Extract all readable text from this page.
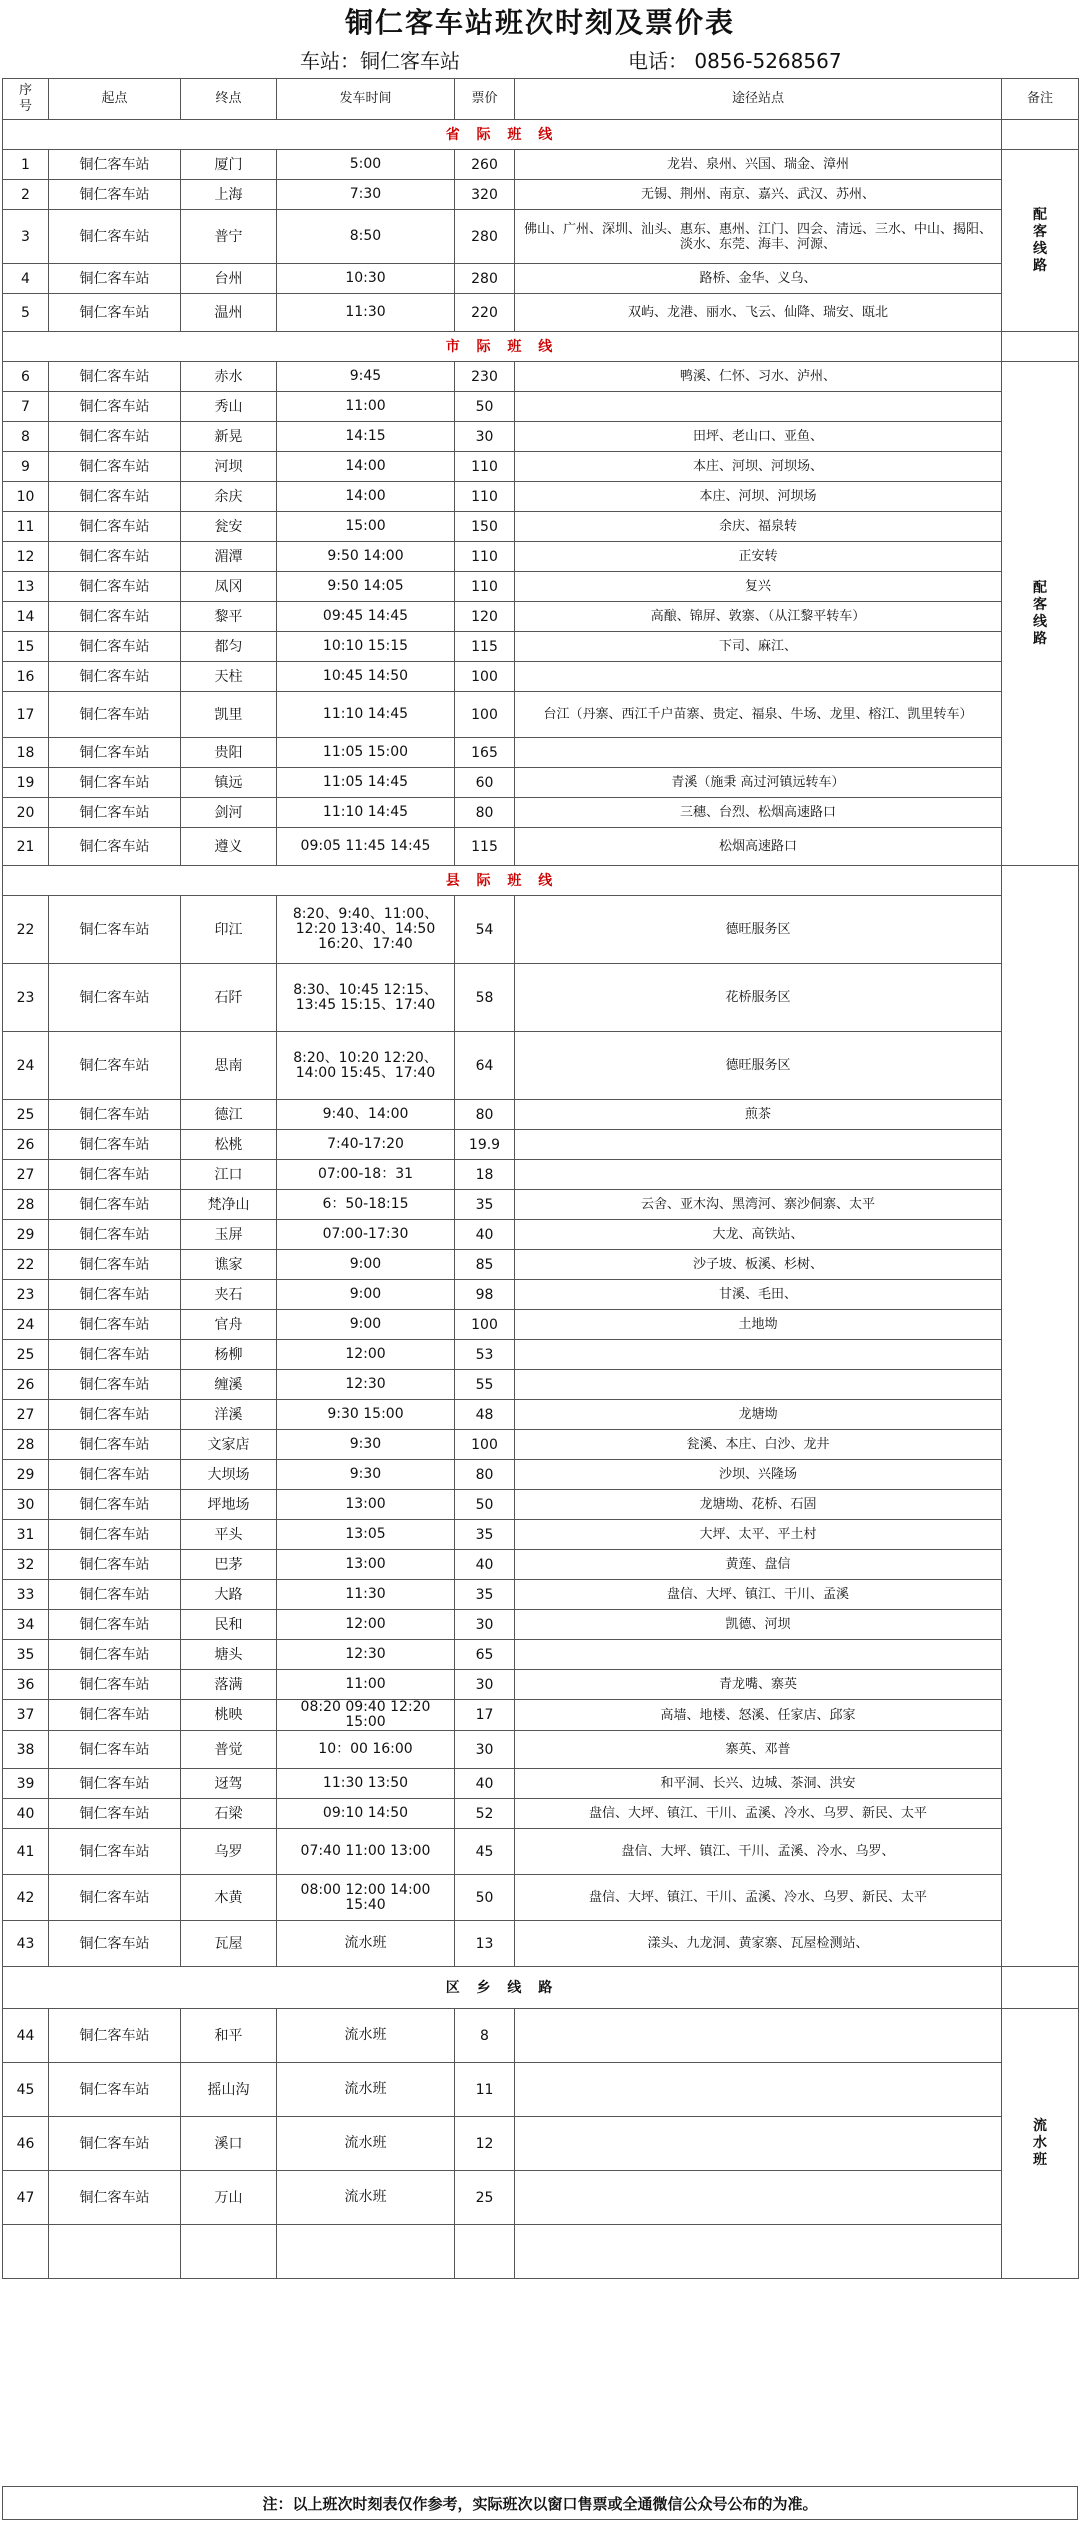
铜仁客车站班次时刻及票价表
车站：铜仁客车站	电话： 0856-5268567
序号	起点	终点	发车时间	票价	途径站点	备注
省 际 班 线						
1	铜仁客车站	厦门	5:00	260	龙岩、泉州、兴国、瑞金、漳州	配客线路
2	铜仁客车站	上海	7:30	320	无锡、荆州、南京、嘉兴、武汉、苏州、	
3	铜仁客车站	普宁	8:50	280	佛山、广州、深圳、汕头、惠东、惠州、江门、四会、清远、三水、中山、揭阳、淡水、东莞、海丰、河源、	
4	铜仁客车站	台州	10:30	280	路桥、金华、义乌、	
5	铜仁客车站	温州	11:30	220	双屿、龙港、丽水、飞云、仙降、瑞安、瓯北	
市 际 班 线						
6	铜仁客车站	赤水	9:45	230	鸭溪、仁怀、习水、泸州、	配客线路
7	铜仁客车站	秀山	11:00	50		
8	铜仁客车站	新晃	14:15	30	田坪、老山口、亚鱼、	
9	铜仁客车站	河坝	14:00	110	本庄、河坝、河坝场、	
10	铜仁客车站	余庆	14:00	110	本庄、河坝、河坝场	
11	铜仁客车站	瓮安	15:00	150	余庆、福泉转	
12	铜仁客车站	湄潭	9:50 14:00	110	正安转	
13	铜仁客车站	凤冈	9:50 14:05	110	复兴	
14	铜仁客车站	黎平	09:45 14:45	120	高酿、锦屏、敦寨、（从江黎平转车）	
15	铜仁客车站	都匀	10:10 15:15	115	下司、麻江、	
16	铜仁客车站	天柱	10:45 14:50	100		
17	铜仁客车站	凯里	11:10 14:45	100	台江（丹寨、西江千户苗寨、贵定、福泉、牛场、龙里、榕江、凯里转车）	
18	铜仁客车站	贵阳	11:05 15:00	165		
19	铜仁客车站	镇远	11:05 14:45	60	青溪（施秉 高过河镇远转车）	
20	铜仁客车站	剑河	11:10 14:45	80	三穗、台烈、松烟高速路口	
21	铜仁客车站	遵义	09:05 11:45 14:45	115	松烟高速路口	
县 际 班 线						
22	铜仁客车站	印江	8:20、9:40、11:00、12:20 13:40、14:50 16:20、17:40	54	德旺服务区	
23	铜仁客车站	石阡	8:30、10:45 12:15、13:45 15:15、17:40	58	花桥服务区	
24	铜仁客车站	思南	8:20、10:20 12:20、14:00 15:45、17:40	64	德旺服务区	
25	铜仁客车站	德江	9:40、14:00	80	煎茶	
26	铜仁客车站	松桃	7:40-17:20	19.9		
27	铜仁客车站	江口	07:00-18：31	18		
28	铜仁客车站	梵净山	6：50-18:15	35	云舍、亚木沟、黑湾河、寨沙侗寨、太平	
29	铜仁客车站	玉屏	07:00-17:30	40	大龙、高铁站、	
22	铜仁客车站	谯家	9:00	85	沙子坡、板溪、杉树、	
23	铜仁客车站	夹石	9:00	98	甘溪、毛田、	
24	铜仁客车站	官舟	9:00	100	土地坳	
25	铜仁客车站	杨柳	12:00	53		
26	铜仁客车站	缠溪	12:30	55		
27	铜仁客车站	洋溪	9:30 15:00	48	龙塘坳	
28	铜仁客车站	文家店	9:30	100	瓮溪、本庄、白沙、龙井	
29	铜仁客车站	大坝场	9:30	80	沙坝、兴隆场	
30	铜仁客车站	坪地场	13:00	50	龙塘坳、花桥、石固	
31	铜仁客车站	平头	13:05	35	大坪、太平、平土村	
32	铜仁客车站	巴茅	13:00	40	黄莲、盘信	
33	铜仁客车站	大路	11:30	35	盘信、大坪、镇江、干川、孟溪	
34	铜仁客车站	民和	12:00	30	凯德、河坝	
35	铜仁客车站	塘头	12:30	65		
36	铜仁客车站	落满	11:00	30	青龙嘴、寨英	
37	铜仁客车站	桃映	08:20 09:40 12:20 15:00	17	高墙、地楼、怒溪、任家店、邱家	
38	铜仁客车站	普觉	10：00 16:00	30	寨英、邓普	
39	铜仁客车站	迓驾	11:30 13:50	40	和平洞、长兴、边城、茶洞、洪安	
40	铜仁客车站	石梁	09:10 14:50	52	盘信、大坪、镇江、干川、孟溪、冷水、乌罗、新民、太平	
41	铜仁客车站	乌罗	07:40 11:00 13:00	45	盘信、大坪、镇江、干川、孟溪、冷水、乌罗、	
42	铜仁客车站	木黄	08:00 12:00 14:00 15:40	50	盘信、大坪、镇江、干川、孟溪、冷水、乌罗、新民、太平	
43	铜仁客车站	瓦屋	流水班	13	漾头、九龙洞、黄家寨、瓦屋检测站、	
区 乡 线 路						
44	铜仁客车站	和平	流水班	8		流水班
45	铜仁客车站	摇山沟	流水班	11		
46	铜仁客车站	溪口	流水班	12		
47	铜仁客车站	万山	流水班	25		

注：以上班次时刻表仅作参考，实际班次以窗口售票或全通微信公众号公布的为准。
